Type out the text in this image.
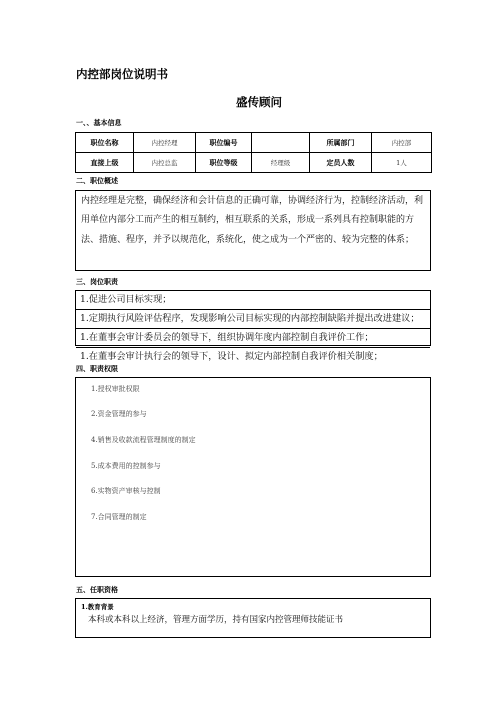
内控部岗位说明书
盛传顾问
一、、基本信息
职位名称	内控经理	职位编号		所属部门	内控部
直接上级	内控总监	职位等级	经理级	定员人数	1人
二、职位概述
内控经理是完整，确保经济和会计信息的正确可靠，协调经济行为，控制经济活动，利用单位内部分工而产生的相互制约，相互联系的关系，形成一系列具有控制职能的方法、措施、程序，并予以规范化，系统化，使之成为一个严密的、较为完整的体系；
三、岗位职责
1.促进公司目标实现；
1.定期执行风险评估程序，发现影响公司目标实现的内部控制缺陷并提出改进建议；
1.在董事会审计委员会的领导下，组织协调年度内部控制自我评价工作；
1.在董事会审计执行会的领导下，设计、拟定内部控制自我评价相关制度；
四、职责权限
1.授权审批权限
2.资金管理的参与
4.销售及收款流程管理制度的制定
5.成本费用的控制参与
6.实物资产审核与控制
7.合同管理的制定
五、任职资格
1.教育背景
本科或本科以上经济，管理方面学历，持有国家内控管理师技能证书
